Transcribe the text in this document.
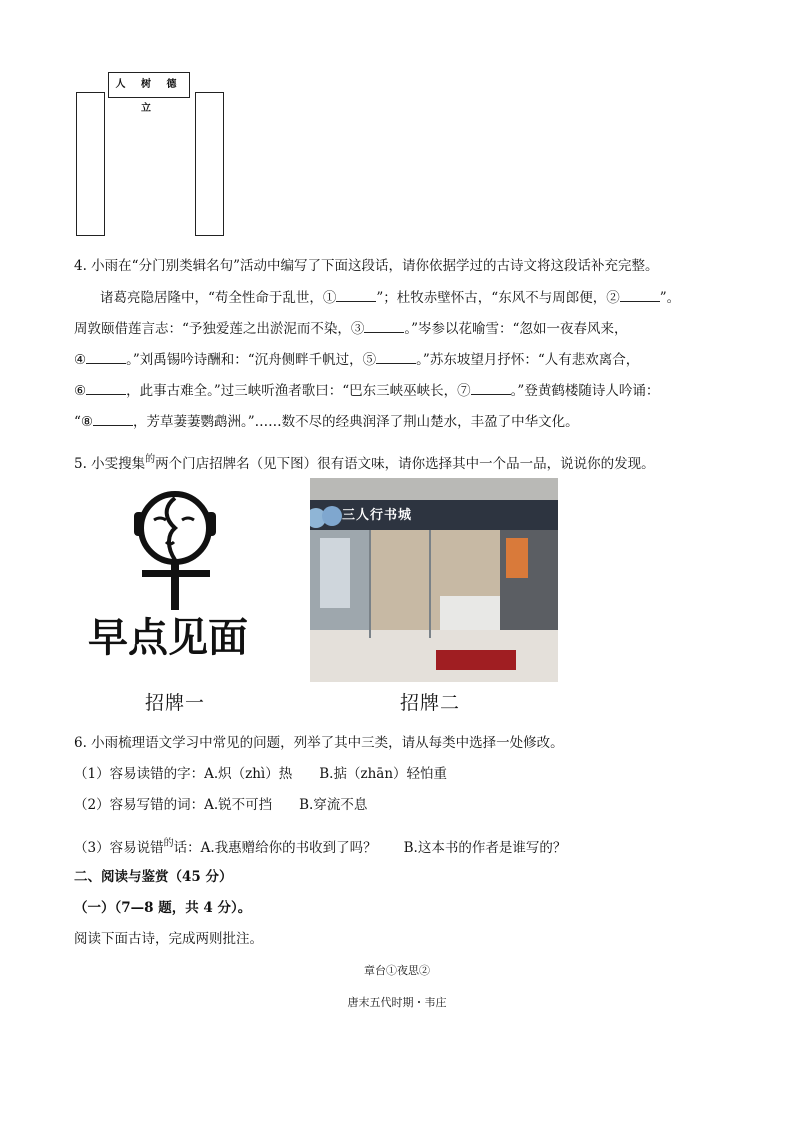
人 树 德 立
4. 小雨在“分门别类辑名句”活动中编写了下面这段话，请你依据学过的古诗文将这段话补充完整。
诸葛亮隐居隆中，“苟全性命于乱世，①	”；杜牧赤壁怀古，“东风不与周郎便，②	”。
周敦颐借莲言志：“予独爱莲之出淤泥而不染，③	。”岑参以花喻雪：“忽如一夜春风来，
④	。”刘禹锡吟诗酬和：“沉舟侧畔千帆过，⑤	。”苏东坡望月抒怀：“人有悲欢离合，
⑥	，此事古难全。”过三峡听渔者歌曰：“巴东三峡巫峡长，⑦	。”登黄鹤楼随诗人吟诵：
“⑧	，芳草萋萋鹦鹉洲。”……数不尽的经典润泽了荆山楚水，丰盈了中华文化。
5. 小雯搜集$^的$两个门店招牌名（见下图）很有语文味，请你选择其中一个品一品，说说你的发现。
早点见面
招牌一
三人行书城
招牌二
6. 小雨梳理语文学习中常见的问题，列举了其中三类，请从每类中选择一处修改。
（1）容易读错的字：A.炽（zhì）热　　B.掂（zhān）轻怕重
（2）容易写错的词：A.锐不可挡　　B.穿流不息
（3）容易说错$^的$话：A.我惠赠给你的书收到了吗？　　B.这本书的作者是谁写的？
二、阅读与鉴赏（45 分）
（一）（7—8 题，共 4 分）。
阅读下面古诗，完成两则批注。
章台①夜思②
唐末五代时期・韦庄
